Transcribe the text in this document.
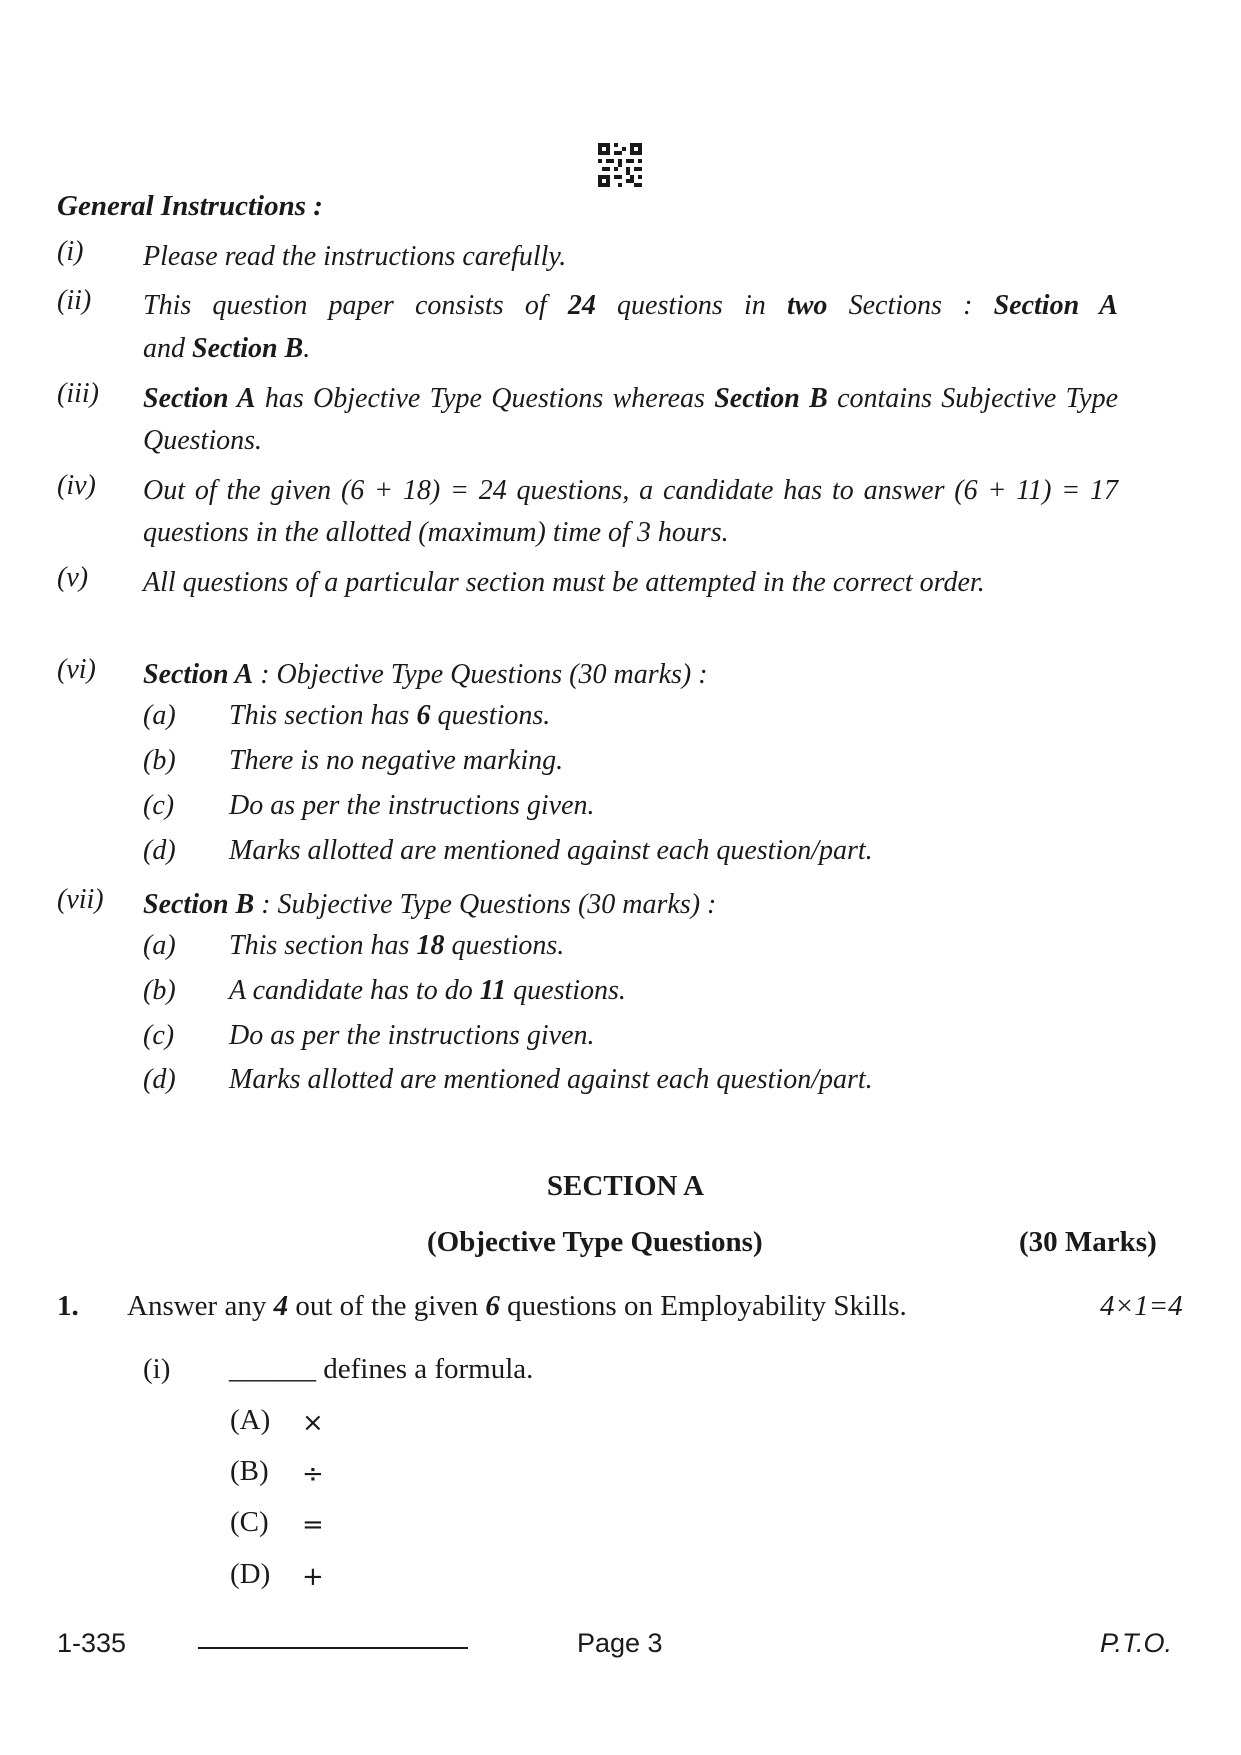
General Instructions :
(i) Please read the instructions carefully.
(ii) This question paper consists of 24 questions in two Sections : Section A
and Section B.
(iii) Section A has Objective Type Questions whereas Section B contains Subjective Type Questions.
(iv) Out of the given (6 + 18) = 24 questions, a candidate has to answer (6 + 11) = 17 questions in the allotted (maximum) time of 3 hours.
(v) All questions of a particular section must be attempted in the correct order.
(vi) Section A : Objective Type Questions (30 marks) :
(a) This section has 6 questions.
(b) There is no negative marking.
(c) Do as per the instructions given.
(d) Marks allotted are mentioned against each question/part.
(vii) Section B : Subjective Type Questions (30 marks) :
(a) This section has 18 questions.
(b) A candidate has to do 11 questions.
(c) Do as per the instructions given.
(d) Marks allotted are mentioned against each question/part.
SECTION A
(Objective Type Questions)	(30 Marks)
1. Answer any 4 out of the given 6 questions on Employability Skills.	4×1=4
(i) ______ defines a formula.
(A) ×
(B) ÷
(C) =
(D) +
1-335	Page 3	P.T.O.
